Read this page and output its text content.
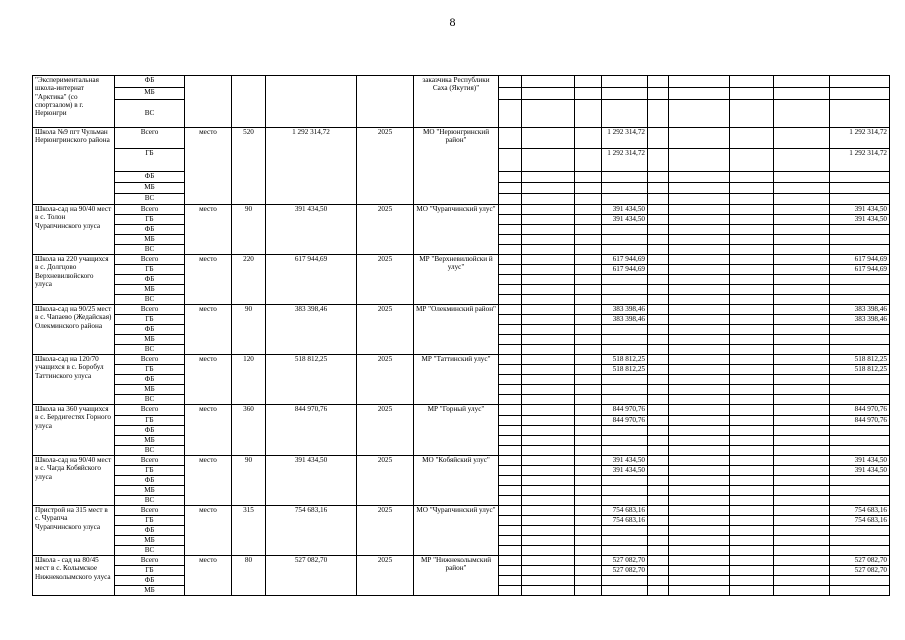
8
"Экспериментальная школа-интернат "Арктика" (со спортзалом) в г. Нерюнгри	ФБ					заказчика Республики Саха (Якутия)"									
	МБ														
	ВС														
Школа №9 пгт Чульман Нерюнгринского района	Всего	место	520	1 292 314,72	2025	МО "Нерюнгринский район"				1 292 314,72					1 292 314,72
	ГБ									1 292 314,72					1 292 314,72
	ФБ														
	МБ														
	ВС														
Школа-сад на 90/40 мест в с. Толон Чурапчинского улуса	Всего	место	90	391 434,50	2025	МО "Чурапчинский улус"				391 434,50					391 434,50
	ГБ									391 434,50					391 434,50
	ФБ														
	МБ														
	ВС														
Школа на 220 учащихся в с. Долгцово Верхневилюйского улуса	Всего	место	220	617 944,69	2025	МР "Верхневилюйски й улус"				617 944,69					617 944,69
	ГБ									617 944,69					617 944,69
	ФБ														
	МБ														
	ВС														
Школа-сад на 90/25 мест в с. Чапаево (Жедайская) Олекминского района	Всего	место	90	383 398,46	2025	МР "Олекминский район"				383 398,46					383 398,46
	ГБ									383 398,46					383 398,46
	ФБ														
	МБ														
	ВС														
Школа-сад на 120/70 учащихся в с. Боробул Таттинского улуса	Всего	место	120	518 812,25	2025	МР "Таттинский улус"				518 812,25					518 812,25
	ГБ									518 812,25					518 812,25
	ФБ														
	МБ														
	ВС														
Школа на 360 учащихся в с. Бердигестях Горного улуса	Всего	место	360	844 970,76	2025	МР "Горный улус"				844 970,76					844 970,76
	ГБ									844 970,76					844 970,76
	ФБ														
	МБ														
	ВС														
Школа-сад на 90/40 мест в с. Чагда Кобяйского улуса	Всего	место	90	391 434,50	2025	МО "Кобяйский улус"				391 434,50					391 434,50
	ГБ									391 434,50					391 434,50
	ФБ														
	МБ														
	ВС														
Пристрой на 315 мест в с. Чурапча Чурапчинского улуса	Всего	место	315	754 683,16	2025	МО "Чурапчинский улус"				754 683,16					754 683,16
	ГБ									754 683,16					754 683,16
	ФБ														
	МБ														
	ВС														
Школа - сад на 80/45 мест в с. Колымское Нижнеколымского улуса	Всего	место	80	527 082,70	2025	МР "Нижнеколымский район"				527 082,70					527 082,70
	ГБ									527 082,70					527 082,70
	ФБ														
	МБ														
